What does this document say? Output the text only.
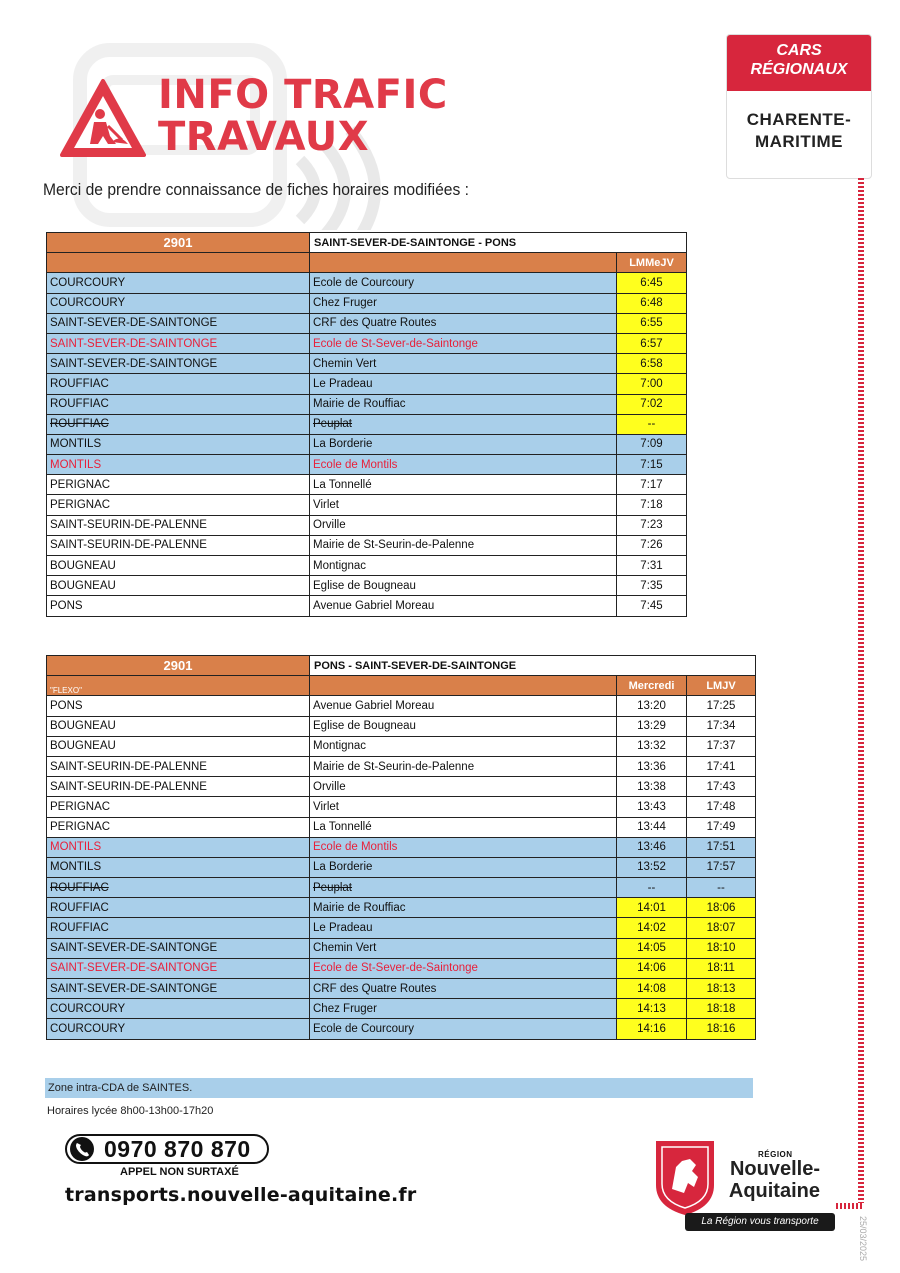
INFO TRAFIC
TRAVAUX
Merci de prendre connaissance de fiches horaires modifiées :
CARS
RÉGIONAUX
CHARENTE-
MARITIME
25/03/2025
2901	SAINT-SEVER-DE-SAINTONGE - PONS	
		LMMeJV
COURCOURY	Ecole de Courcoury	6:45
COURCOURY	Chez Fruger	6:48
SAINT-SEVER-DE-SAINTONGE	CRF des Quatre Routes	6:55
SAINT-SEVER-DE-SAINTONGE	Ecole de St-Sever-de-Saintonge	6:57
SAINT-SEVER-DE-SAINTONGE	Chemin Vert	6:58
ROUFFIAC	Le Pradeau	7:00
ROUFFIAC	Mairie de Rouffiac	7:02
ROUFFIAC	Peuplat	--
MONTILS	La Borderie	7:09
MONTILS	Ecole de Montils	7:15
PERIGNAC	La Tonnellé	7:17
PERIGNAC	Virlet	7:18
SAINT-SEURIN-DE-PALENNE	Orville	7:23
SAINT-SEURIN-DE-PALENNE	Mairie de St-Seurin-de-Palenne	7:26
BOUGNEAU	Montignac	7:31
BOUGNEAU	Eglise de Bougneau	7:35
PONS	Avenue Gabriel Moreau	7:45
2901	PONS - SAINT-SEVER-DE-SAINTONGE		
"FLEXO"		Mercredi	LMJV
PONS	Avenue Gabriel Moreau	13:20	17:25
BOUGNEAU	Eglise de Bougneau	13:29	17:34
BOUGNEAU	Montignac	13:32	17:37
SAINT-SEURIN-DE-PALENNE	Mairie de St-Seurin-de-Palenne	13:36	17:41
SAINT-SEURIN-DE-PALENNE	Orville	13:38	17:43
PERIGNAC	Virlet	13:43	17:48
PERIGNAC	La Tonnellé	13:44	17:49
MONTILS	Ecole de Montils	13:46	17:51
MONTILS	La Borderie	13:52	17:57
ROUFFIAC	Peuplat	--	--
ROUFFIAC	Mairie de Rouffiac	14:01	18:06
ROUFFIAC	Le Pradeau	14:02	18:07
SAINT-SEVER-DE-SAINTONGE	Chemin Vert	14:05	18:10
SAINT-SEVER-DE-SAINTONGE	Ecole de St-Sever-de-Saintonge	14:06	18:11
SAINT-SEVER-DE-SAINTONGE	CRF des Quatre Routes	14:08	18:13
COURCOURY	Chez Fruger	14:13	18:18
COURCOURY	Ecole de Courcoury	14:16	18:16
Zone intra-CDA de SAINTES.
Horaires lycée 8h00-13h00-17h20
0970 870 870
APPEL NON SURTAXÉ
transports.nouvelle-aquitaine.fr
RÉGION
Nouvelle-
Aquitaine
La Région vous transporte
